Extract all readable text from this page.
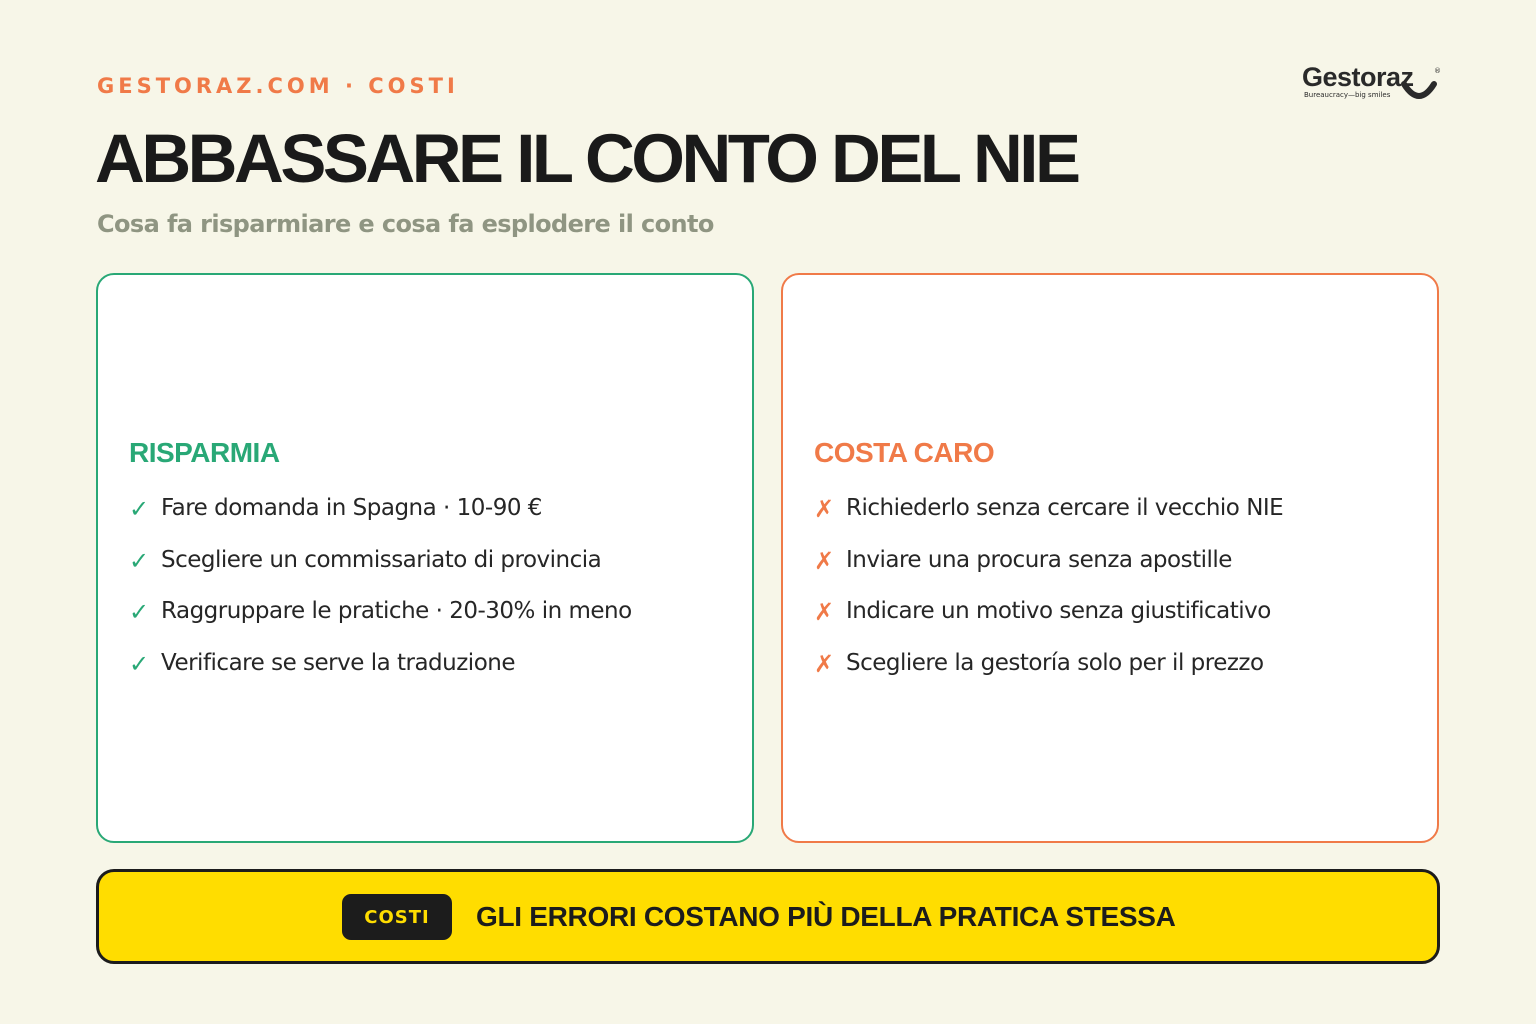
GESTORAZ.COM · COSTI	Gestoraz	®
Bureaucracy—big smiles
ABBASSARE IL CONTO DEL NIE
Cosa fa risparmiare e cosa fa esplodere il conto
RISPARMIA
✓ Fare domanda in Spagna · 10-90 €
✓ Scegliere un commissariato di provincia
✓ Raggruppare le pratiche · 20-30% in meno
✓ Verificare se serve la traduzione
COSTA CARO
✗ Richiederlo senza cercare il vecchio NIE
✗ Inviare una procura senza apostille
✗ Indicare un motivo senza giustificativo
✗ Scegliere la gestoría solo per il prezzo
COSTI	GLI ERRORI COSTANO PIÙ DELLA PRATICA STESSA
